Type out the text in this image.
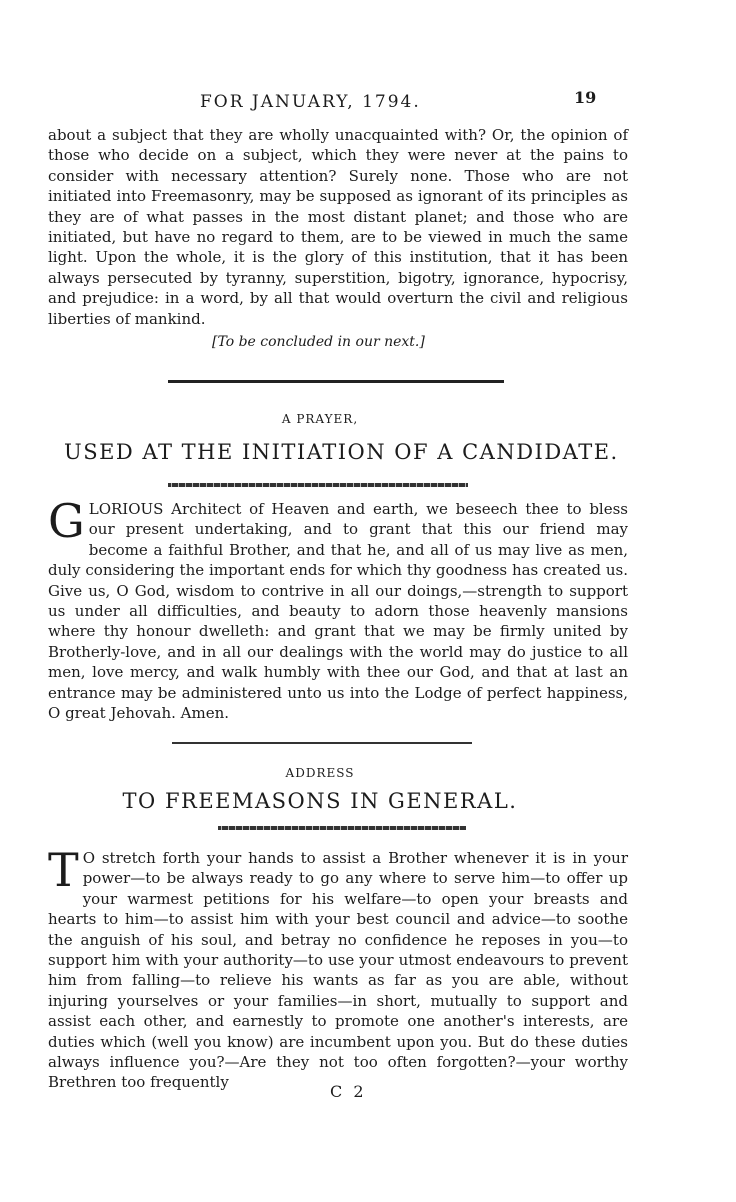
FOR JANUARY, 1794.	19

about a subject that they are wholly unacquainted with? Or, the opinion of those who decide on a subject, which they were never at the pains to consider with necessary attention? Surely none. Those who are not initiated into Freemasonry, may be supposed as ignorant of its principles as they are of what passes in the most distant planet; and those who are initiated, but have no regard to them, are to be viewed in much the same light. Upon the whole, it is the glory of this institution, that it has been always persecuted by tyranny, superstition, bigotry, ignorance, hypocrisy, and prejudice: in a word, by all that would overturn the civil and religious liberties of mankind.

[To be concluded in our next.]
A PRAYER,
USED AT THE INITIATION OF A CANDIDATE.
G LORIOUS Architect of Heaven and earth, we beseech thee to bless our present undertaking, and to grant that this our friend may become a faithful Brother, and that he, and all of us may live as men, duly considering the important ends for which thy goodness has created us. Give us, O God, wisdom to contrive in all our doings,—strength to support us under all difficulties, and beauty to adorn those heavenly mansions where thy honour dwelleth: and grant that we may be firmly united by Brotherly-love, and in all our dealings with the world may do justice to all men, love mercy, and walk humbly with thee our God, and that at last an entrance may be administered unto us into the Lodge of perfect happiness, O great Jehovah. Amen.
ADDRESS
TO FREEMASONS IN GENERAL.
T O stretch forth your hands to assist a Brother whenever it is in your power—to be always ready to go any where to serve him—to offer up your warmest petitions for his welfare—to open your breasts and hearts to him—to assist him with your best council and advice—to soothe the anguish of his soul, and betray no confidence he reposes in you—to support him with your authority—to use your utmost endeavours to prevent him from falling—to relieve his wants as far as you are able, without injuring yourselves or your families—in short, mutually to support and assist each other, and earnestly to promote one another's interests, are duties which (well you know) are incumbent upon you. But do these duties always influence you?—Are they not too often forgotten?—your worthy Brethren too frequently	C 2
